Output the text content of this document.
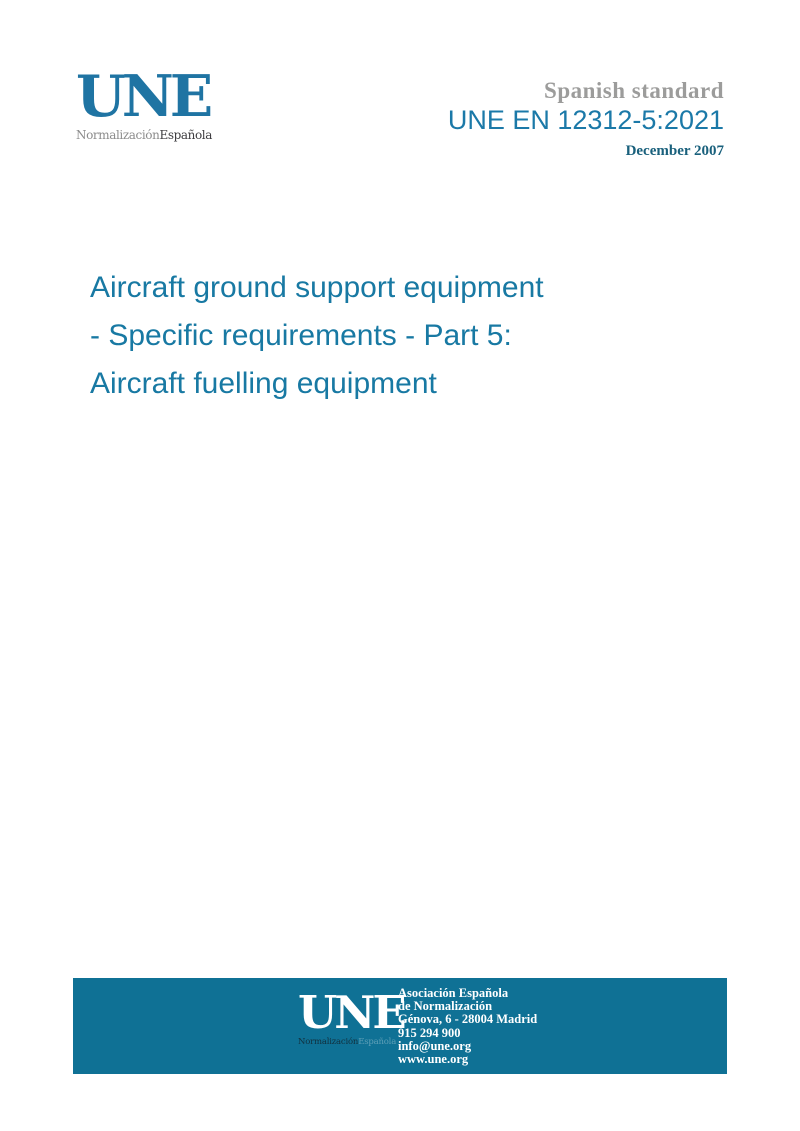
UNE
NormalizaciónEspañola
Spanish standard
UNE EN 12312-5:2021
December 2007
Aircraft ground support equipment
- Specific requirements - Part 5:
Aircraft fuelling equipment
UNE
NormalizaciónEspañola
Asociación Española
de Normalización
Génova, 6 - 28004 Madrid
915 294 900
info@une.org
www.une.org
